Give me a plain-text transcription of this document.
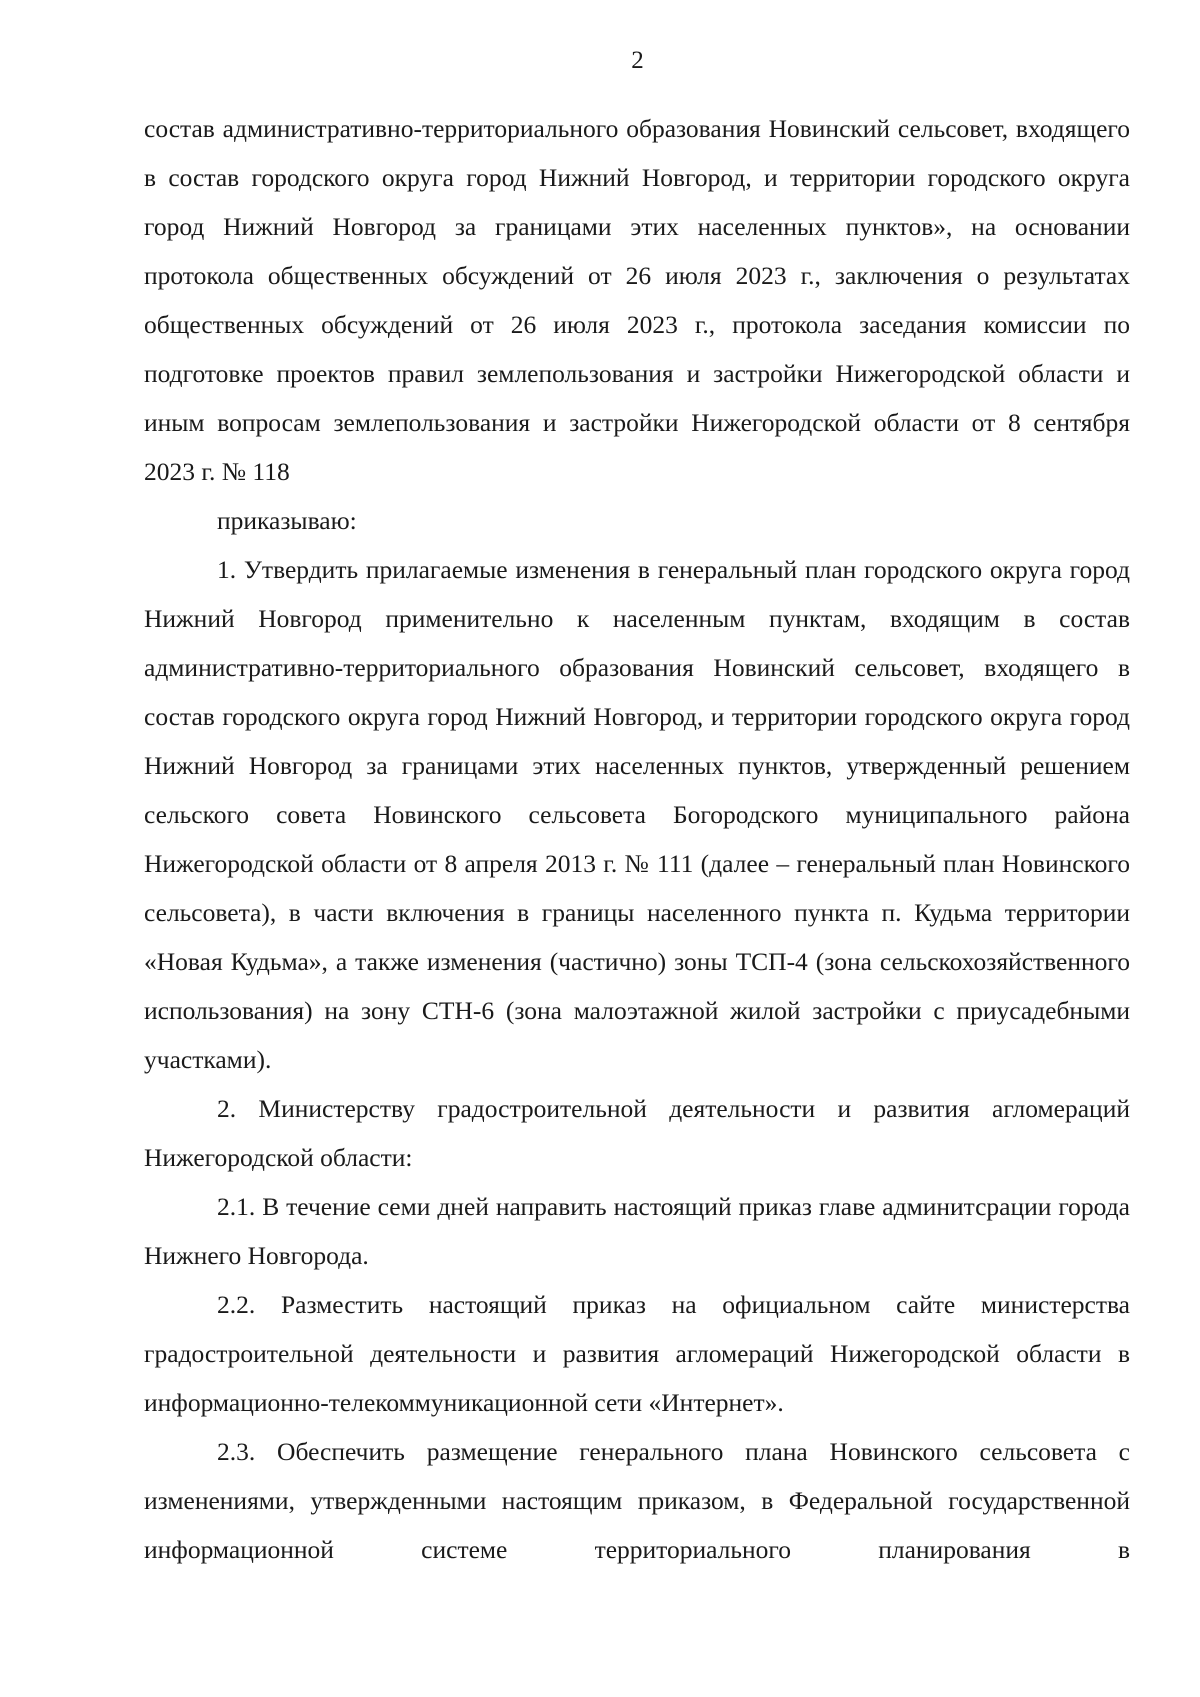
2

состав административно-территориального образования Новинский сельсовет, входящего в состав городского округа город Нижний Новгород, и территории городского округа город Нижний Новгород за границами этих населенных пунктов», на основании протокола общественных обсуждений от 26 июля 2023 г., заключения о результатах общественных обсуждений от 26 июля 2023 г., протокола заседания комиссии по подготовке проектов правил землепользования и застройки Нижегородской области и иным вопросам землепользования и застройки Нижегородской области от 8 сентября 2023 г. № 118

приказываю:

1. Утвердить прилагаемые изменения в генеральный план городского округа город Нижний Новгород применительно к населенным пунктам, входящим в состав административно-территориального образования Новинский сельсовет, входящего в состав городского округа город Нижний Новгород, и территории городского округа город Нижний Новгород за границами этих населенных пунктов, утвержденный решением сельского совета Новинского сельсовета Богородского муниципального района Нижегородской области от 8 апреля 2013 г. № 111 (далее – генеральный план Новинского сельсовета), в части включения в границы населенного пункта п. Кудьма территории «Новая Кудьма», а также изменения (частично) зоны ТСП-4 (зона сельскохозяйственного использования) на зону СТН-6 (зона малоэтажной жилой застройки с приусадебными участками).

2. Министерству градостроительной деятельности и развития агломераций Нижегородской области:

2.1. В течение семи дней направить настоящий приказ главе админитсрации города Нижнего Новгорода.

2.2. Разместить настоящий приказ на официальном сайте министерства градостроительной деятельности и развития агломераций Нижегородской области в информационно-телекоммуникационной сети «Интернет».

2.3. Обеспечить размещение генерального плана Новинского сельсовета с изменениями, утвержденными настоящим приказом, в Федеральной государственной информационной системе территориального планирования в
